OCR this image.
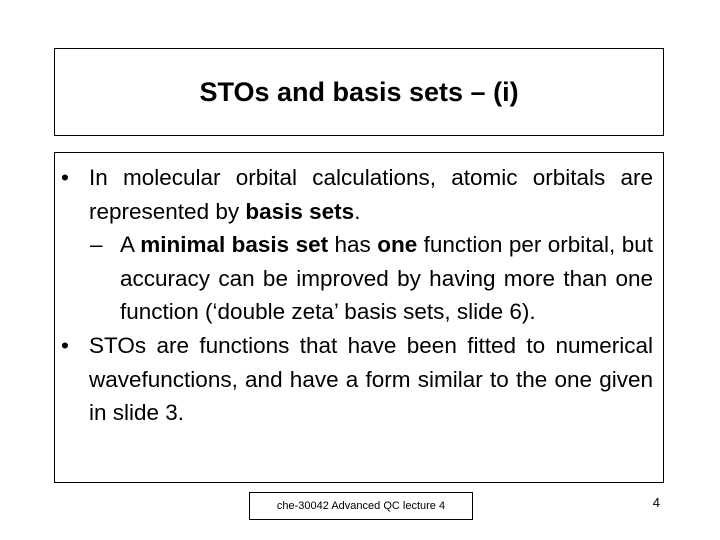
STOs and basis sets – (i)
• In molecular orbital calculations, atomic orbitals are represented by basis sets.
– A minimal basis set has one function per orbital, but accuracy can be improved by having more than one function (‘double zeta’ basis sets, slide 6).
• STOs are functions that have been fitted to numerical wavefunctions, and have a form similar to the one given in slide 3.
che-30042 Advanced QC lecture 4	4
